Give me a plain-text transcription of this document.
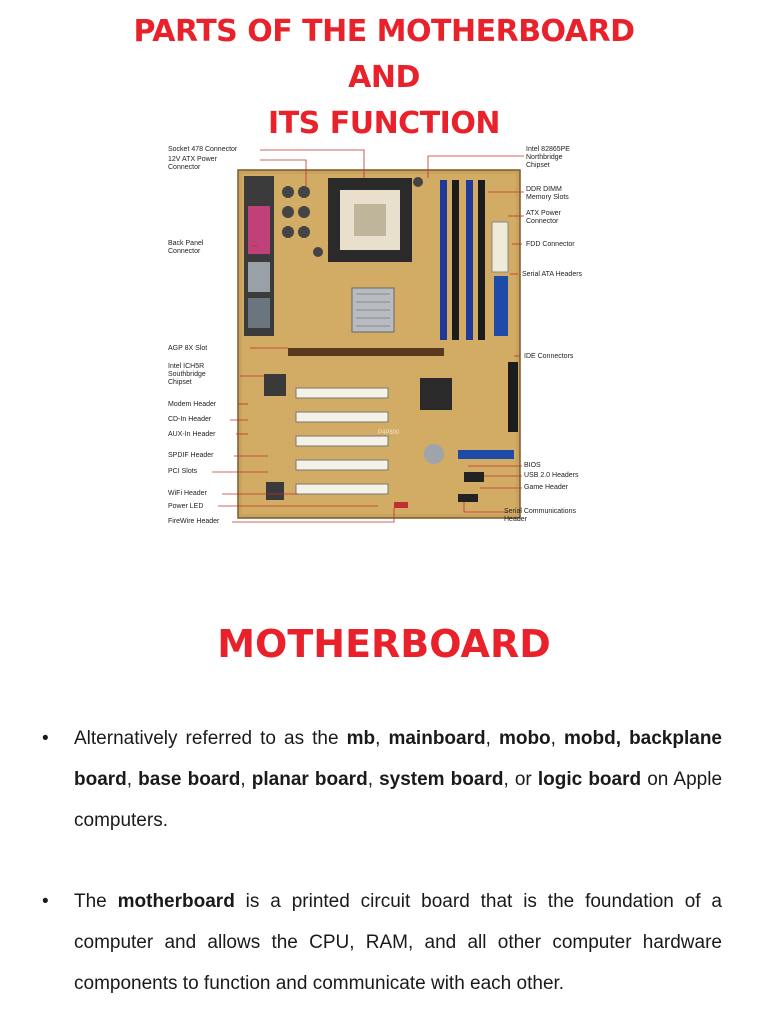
PARTS OF THE MOTHERBOARD
AND
ITS FUNCTION
P4P800
Socket 478 Connector
12V ATX Power
Connector
Back Panel
Connector
AGP 8X Slot
Intel ICH5R
Southbridge
Chipset
Modem Header
CD-In Header
AUX-In Header
SPDIF Header
PCI Slots
WiFi Header
Power LED
FireWire Header
Intel 82865PE
Northbridge
Chipset
DDR DIMM
Memory Slots
ATX Power
Connector
FDD Connector
Serial ATA Headers
IDE Connectors
BIOS
USB 2.0 Headers
Game Header
Serial Communications
Header
MOTHERBOARD
•	Alternatively referred to as the mb, mainboard, mobo, mobd, backplane board, base board, planar board, system board, or logic board on Apple computers.
•	The motherboard is a printed circuit board that is the foundation of a computer and allows the CPU, RAM, and all other computer hardware components to function and communicate with each other.
